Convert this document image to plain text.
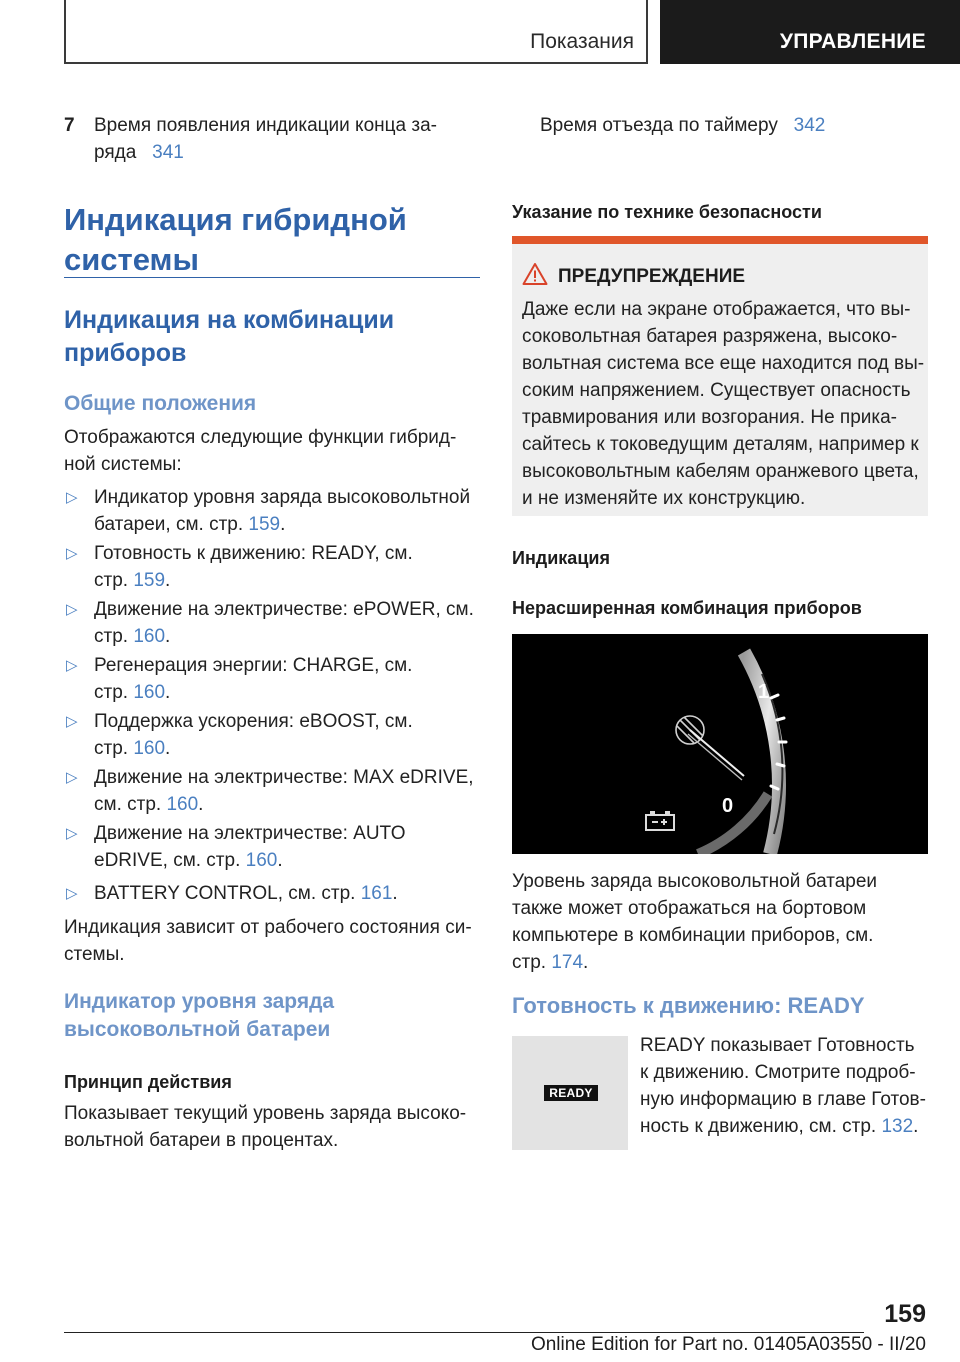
Показания	УПРАВЛЕНИЕ
7 Время появления индикации конца за-
ряда 341
Индикация гибридной
системы
Индикация на комбинации
приборов
Общие положения
Отображаются следующие функции гибрид-
ной системы:
▷ Индикатор уровня заряда высоковольтной
батареи, см. стр. 159.
▷ Готовность к движению: READY, см.
стр. 159.
▷ Движение на электричестве: ePOWER, см.
стр. 160.
▷ Регенерация энергии: CHARGE, см.
стр. 160.
▷ Поддержка ускорения: eBOOST, см.
стр. 160.
▷ Движение на электричестве: MAX eDRIVE,
см. стр. 160.
▷ Движение на электричестве: AUTO
eDRIVE, см. стр. 160.
▷ BATTERY CONTROL, см. стр. 161.
Индикация зависит от рабочего состояния си-
стемы.
Индикатор уровня заряда
высоковольтной батареи
Принцип действия
Показывает текущий уровень заряда высоко-
вольтной батареи в процентах.
Время отъезда по таймеру 342
Указание по технике безопасности
ПРЕДУПРЕЖДЕНИЕ
Даже если на экране отображается, что вы-
соковольтная батарея разряжена, высоко-
вольтная система все еще находится под вы-
соким напряжением. Существует опасность
травмирования или возгорания. Не прика-
сайтесь к токоведущим деталям, например к
высоковольтным кабелям оранжевого цвета,
и не изменяйте их конструкцию.
Индикация
Нерасширенная комбинация приборов
1
0
Уровень заряда высоковольтной батареи
также может отображаться на бортовом
компьютере в комбинации приборов, см.
стр. 174.
Готовность к движению: READY
READY
READY показывает Готовность
к движению. Смотрите подроб-
ную информацию в главе Готов-
ность к движению, см. стр. 132.
159
Online Edition for Part no. 01405A03550 - II/20
